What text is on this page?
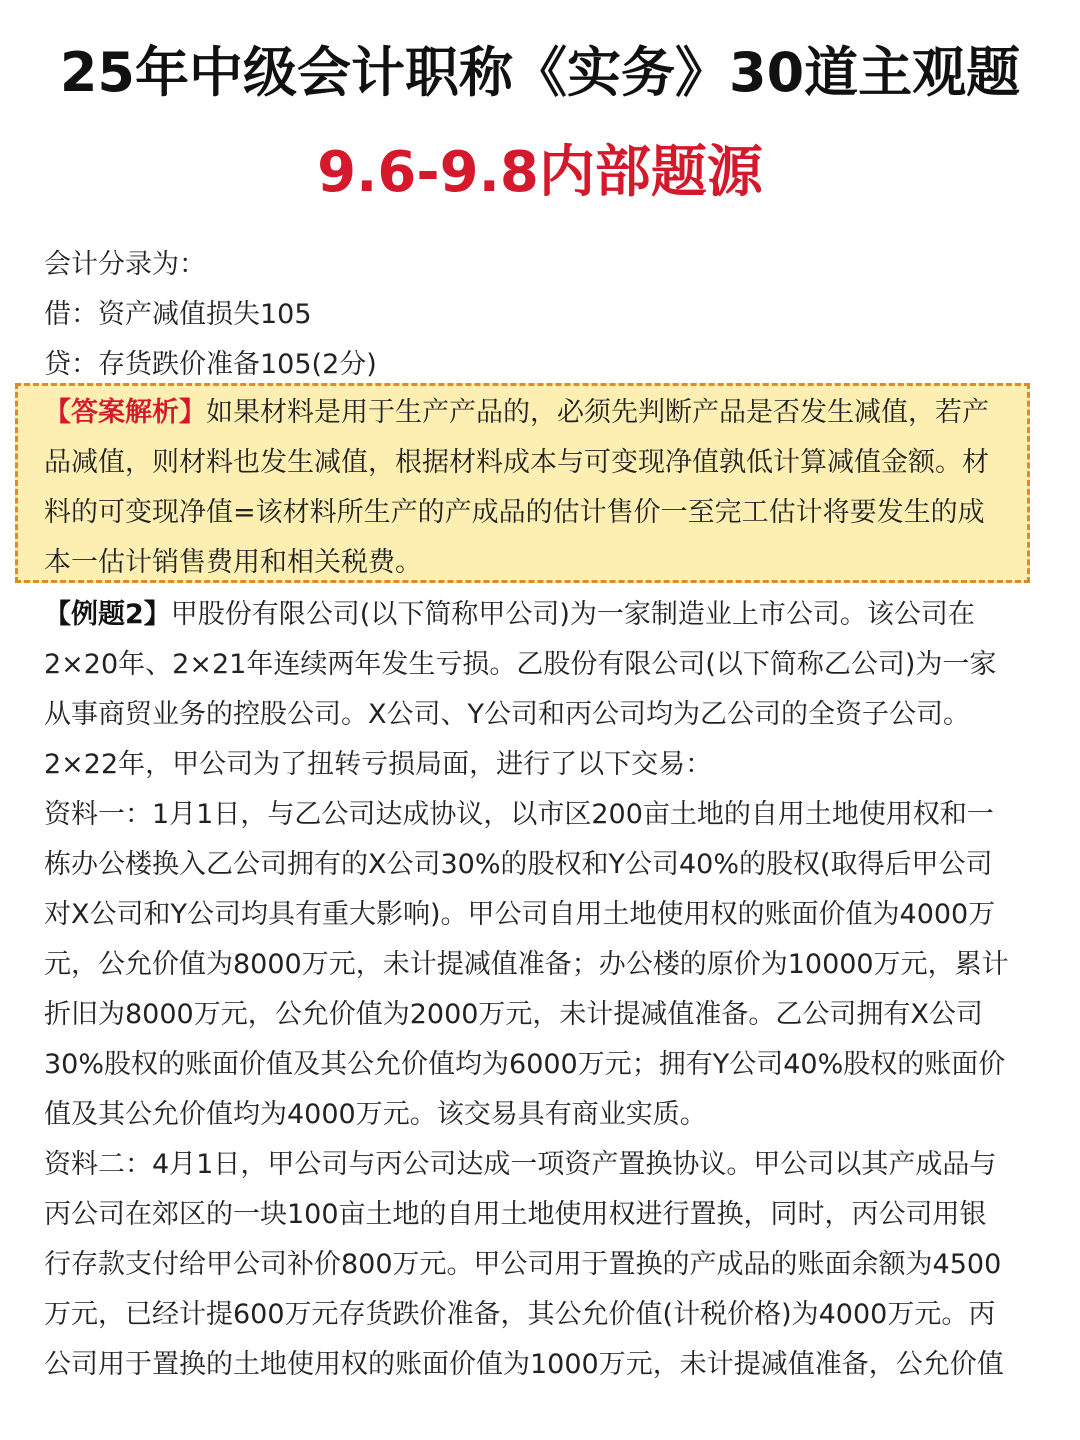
25年中级会计职称《实务》30道主观题
9.6-9.8内部题源
会计分录为：
借：资产减值损失105
贷：存货跌价准备105(2分)
【答案解析】如果材料是用于生产产品的，必须先判断产品是否发生减值，若产
品减值，则材料也发生减值，根据材料成本与可变现净值孰低计算减值金额。材
料的可变现净值=该材料所生产的产成品的估计售价一至完工估计将要发生的成
本一估计销售费用和相关税费。
【例题2】甲股份有限公司(以下简称甲公司)为一家制造业上市公司。该公司在
2×20年、2×21年连续两年发生亏损。乙股份有限公司(以下简称乙公司)为一家
从事商贸业务的控股公司。X公司、Y公司和丙公司均为乙公司的全资子公司。
2×22年，甲公司为了扭转亏损局面，进行了以下交易：
资料一：1月1日，与乙公司达成协议，以市区200亩土地的自用土地使用权和一
栋办公楼换入乙公司拥有的X公司30%的股权和Y公司40%的股权(取得后甲公司
对X公司和Y公司均具有重大影响)。甲公司自用土地使用权的账面价值为4000万
元，公允价值为8000万元，未计提减值准备；办公楼的原价为10000万元，累计
折旧为8000万元，公允价值为2000万元，未计提减值准备。乙公司拥有X公司
30%股权的账面价值及其公允价值均为6000万元；拥有Y公司40%股权的账面价
值及其公允价值均为4000万元。该交易具有商业实质。
资料二：4月1日，甲公司与丙公司达成一项资产置换协议。甲公司以其产成品与
丙公司在郊区的一块100亩土地的自用土地使用权进行置换，同时，丙公司用银
行存款支付给甲公司补价800万元。甲公司用于置换的产成品的账面余额为4500
万元，已经计提600万元存货跌价准备，其公允价值(计税价格)为4000万元。丙
公司用于置换的土地使用权的账面价值为1000万元，未计提减值准备，公允价值
